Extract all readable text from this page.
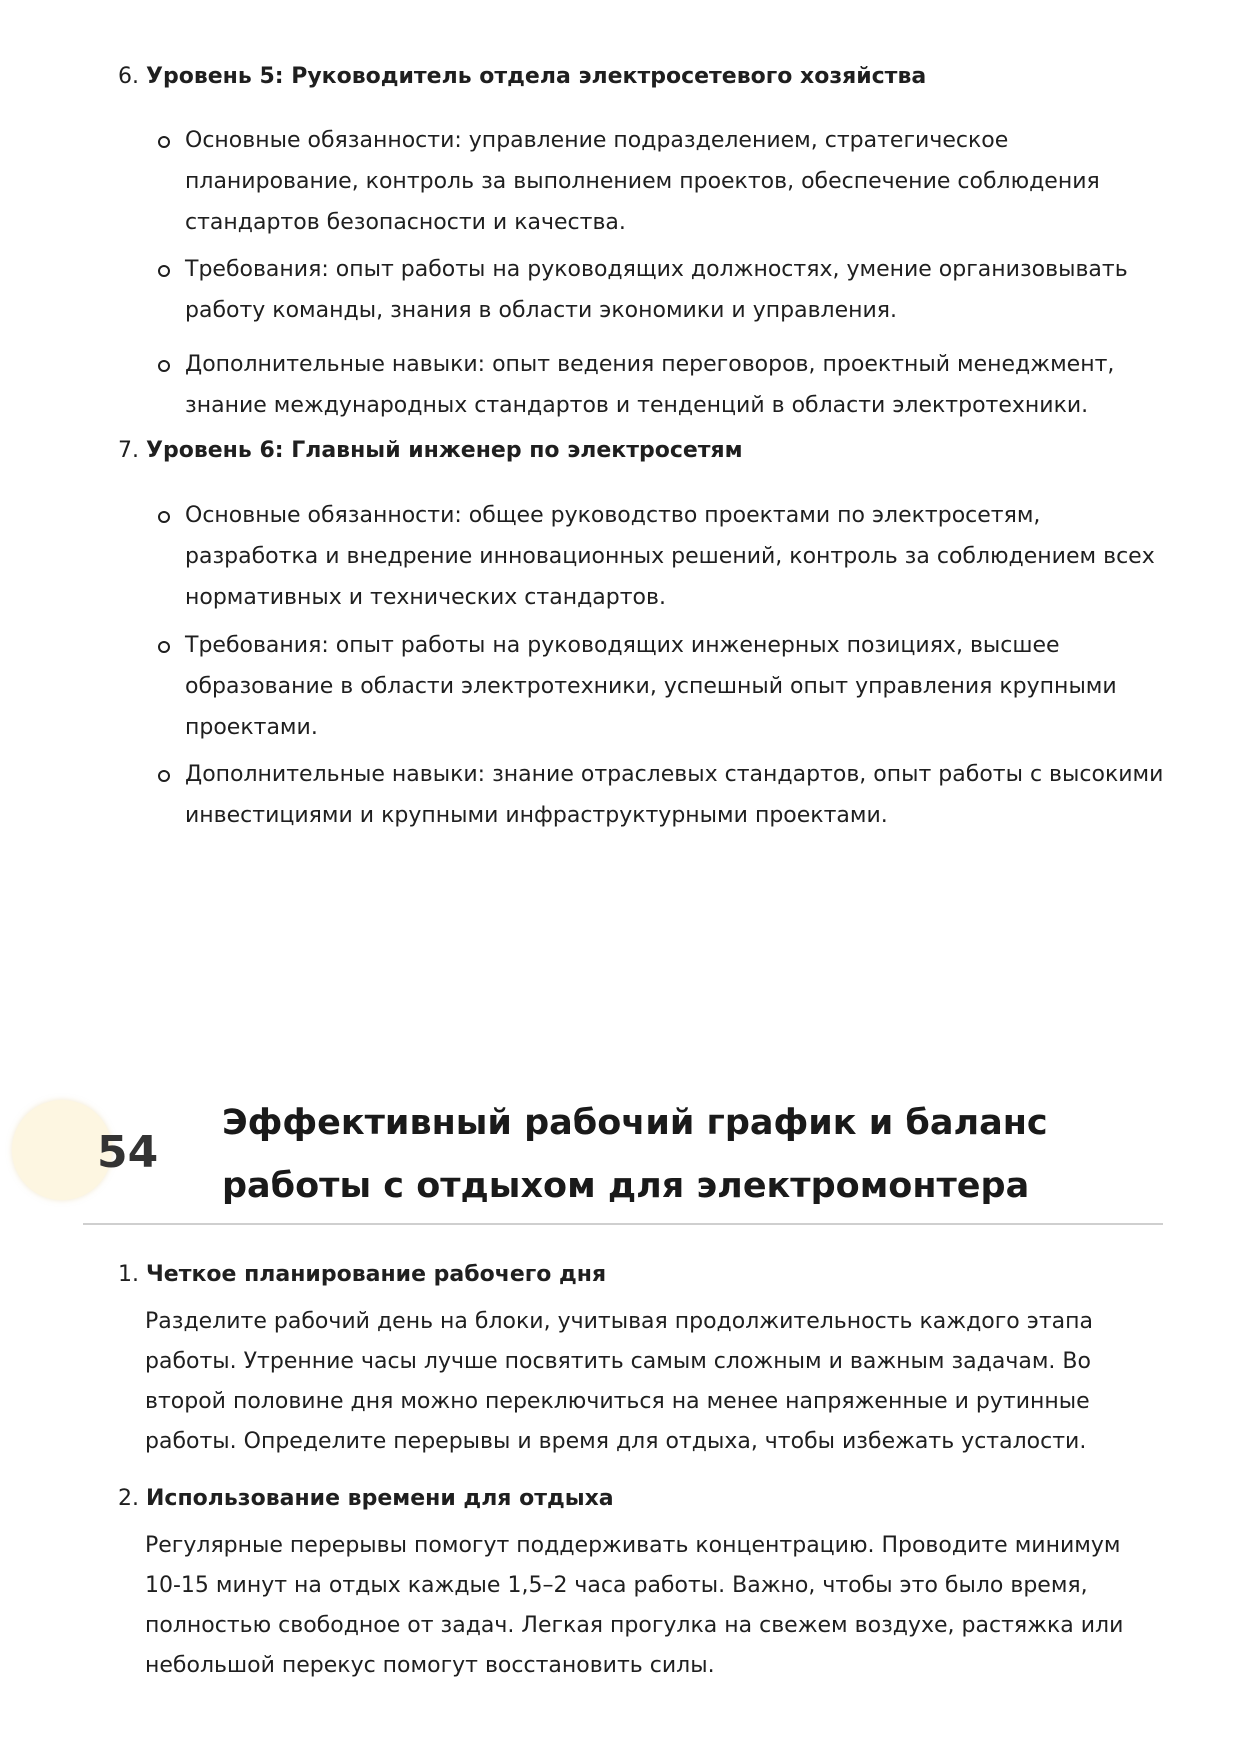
6. Уровень 5: Руководитель отдела электросетевого хозяйства
Основные обязанности: управление подразделением, стратегическое планирование, контроль за выполнением проектов, обеспечение соблюдения стандартов безопасности и качества.
Требования: опыт работы на руководящих должностях, умение организовывать работу команды, знания в области экономики и управления.
Дополнительные навыки: опыт ведения переговоров, проектный менеджмент, знание международных стандартов и тенденций в области электротехники.
7. Уровень 6: Главный инженер по электросетям
Основные обязанности: общее руководство проектами по электросетям, разработка и внедрение инновационных решений, контроль за соблюдением всех нормативных и технических стандартов.
Требования: опыт работы на руководящих инженерных позициях, высшее образование в области электротехники, успешный опыт управления крупными проектами.
Дополнительные навыки: знание отраслевых стандартов, опыт работы с высокими инвестициями и крупными инфраструктурными проектами.
54
Эффективный рабочий график и баланс работы с отдыхом для электромонтера
1. Четкое планирование рабочего дня
Разделите рабочий день на блоки, учитывая продолжительность каждого этапа работы. Утренние часы лучше посвятить самым сложным и важным задачам. Во второй половине дня можно переключиться на менее напряженные и рутинные работы. Определите перерывы и время для отдыха, чтобы избежать усталости.
2. Использование времени для отдыха
Регулярные перерывы помогут поддерживать концентрацию. Проводите минимум 10-15 минут на отдых каждые 1,5–2 часа работы. Важно, чтобы это было время, полностью свободное от задач. Легкая прогулка на свежем воздухе, растяжка или небольшой перекус помогут восстановить силы.
